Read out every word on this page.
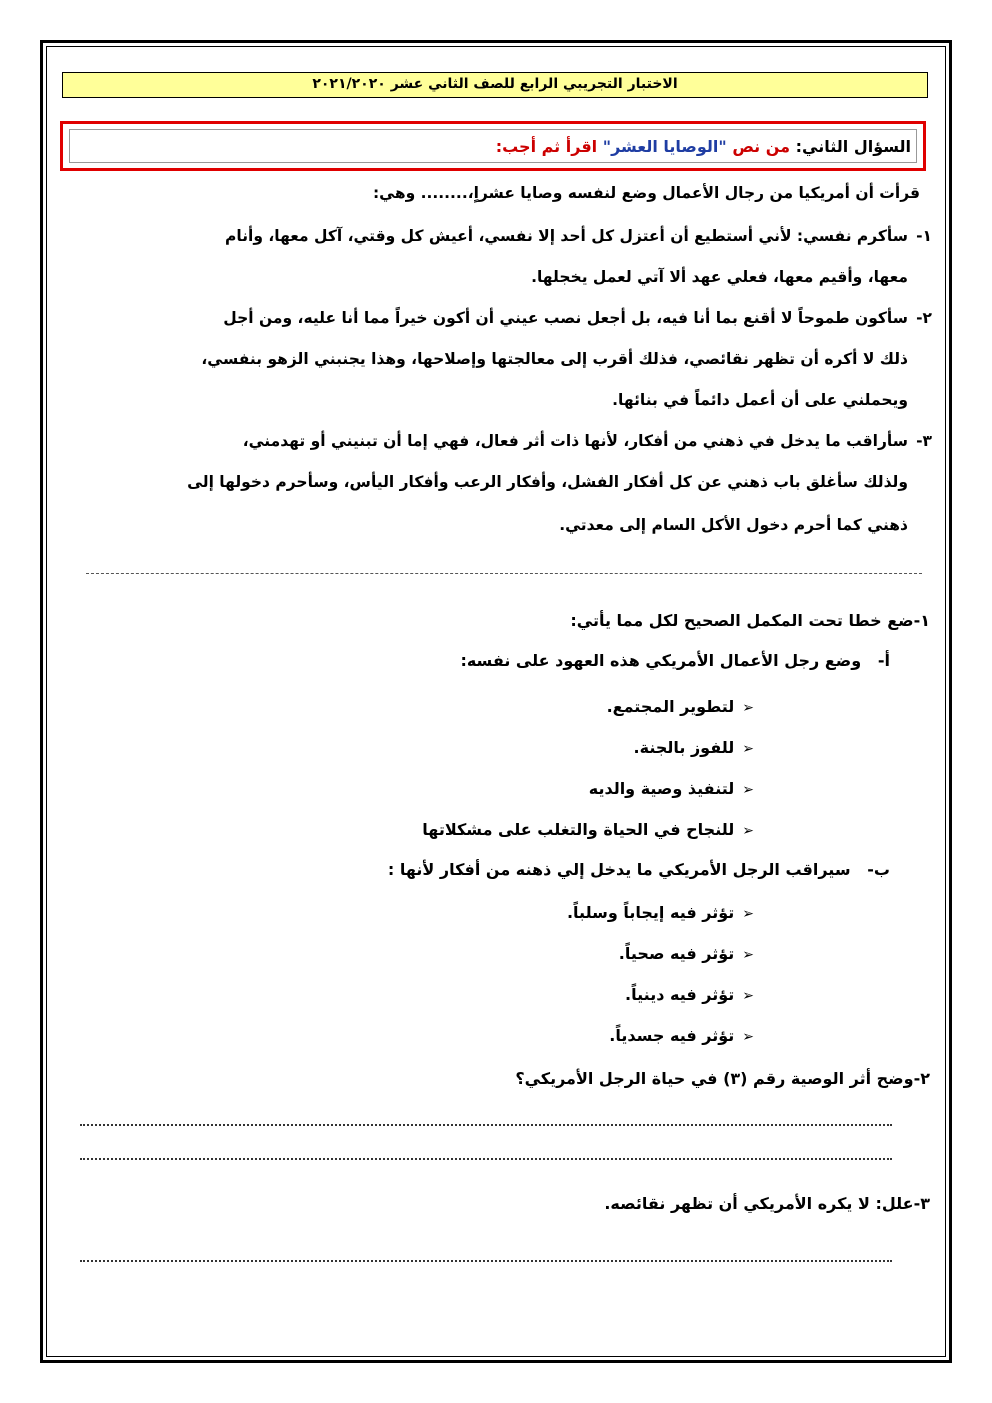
الاختبار التجريبي الرابع للصف الثاني عشر ٢٠٢١/٢٠٢٠
السؤال الثاني: من نص "الوصايا العشر" اقرأ ثم أجب:
قرأت أن أمريكيا من رجال الأعمال وضع لنفسه وصايا عشراٍ،........ وهي:
١-
سأكرم نفسي: لأني أستطيع أن أعتزل كل أحد إلا نفسي، أعيش كل وقتي، آكل معها، وأنام
معها، وأقيم معها، فعلي عهد ألا آتي لعمل يخجلها.
٢-
سأكون طموحاً لا أقنع بما أنا فيه، بل أجعل نصب عيني أن أكون خيراً مما أنا عليه، ومن أجل
ذلك لا أكره أن تظهر نقائصي، فذلك أقرب إلى معالجتها وإصلاحها، وهذا يجنبني الزهو بنفسي،
ويحملني على أن أعمل دائماً في بنائها.
٣-
سأراقب ما يدخل في ذهني من أفكار، لأنها ذات أثر فعال، فهي إما أن تبنيني أو تهدمني،
ولذلك سأغلق باب ذهني عن كل أفكار الفشل، وأفكار الرعب وأفكار اليأس، وسأحرم دخولها إلى
ذهني كما أحرم دخول الأكل السام إلى معدتي.
١-ضع خطا تحت المكمل الصحيح لكل مما يأتي:
أ-   وضع رجل الأعمال الأمريكي هذه العهود على نفسه:
➢لتطوير المجتمع.
➢للفوز بالجنة.
➢لتنفيذ وصية والديه
➢للنجاح في الحياة والتغلب على مشكلاتها
ب-   سيراقب الرجل الأمريكي ما يدخل إلي ذهنه من أفكار لأنها :
➢تؤثر فيه إيجاباً وسلباً.
➢تؤثر فيه صحياً.
➢تؤثر فيه دينياً.
➢تؤثر فيه جسدياً.
٢-وضح أثر الوصية رقم (٣) في حياة الرجل الأمريكي؟
٣-علل: لا يكره الأمريكي أن تظهر نقائصه.
